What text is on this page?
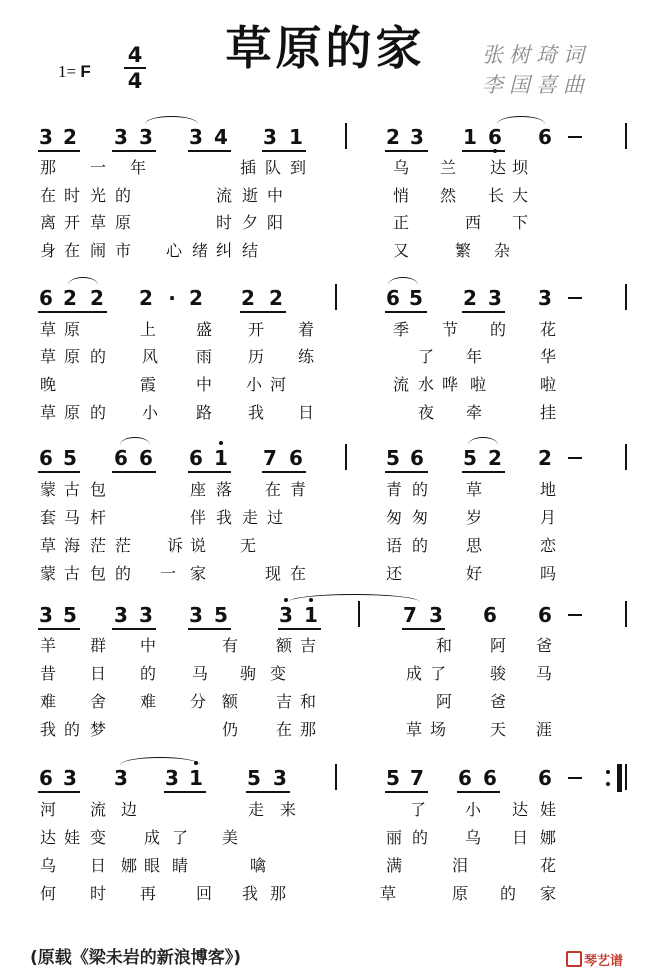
草原的家
1= F
4
4
张树琦词
李国喜曲
3 2 3 3 3 4 3 1	2 3 1 6 6
那 一 年	插 队 到	乌 兰 达 坝
在 时 光 的	流 逝 中	悄 然 长 大
离 开 草 原	时 夕 阳	正	西 下
身 在 闹 市 心 绪 纠 结	又	繁 杂
6 2 2 2 · 2 2 2	6 5 2 3 3
草 原	上 盛 开 着	季 节 的 花
草 原 的 风 雨 历 练	了 年	华
晚	霞 中 小 河	流 水 哗 啦	啦
草 原 的 小 路 我 日	夜 牵	挂
6 5 6 6 6 1 7 6	5 6 5 2 2
蒙 古 包	座 落 在 青	青 的 草	地
套 马 杆	伴 我 走 过	匆 匆 岁	月
草 海 茫 茫 诉 说 无	语 的 思	恋
蒙 古 包 的 一 家	现 在	还	好	吗
3 5 3 3 3 5	3 1	7 3 6 6
羊 群 中	有 额 吉	和 阿 爸
昔 日 的 马 驹 变	成 了	骏 马
难 舍 难 分 额 吉 和	阿 爸
我 的 梦	仍 在 那	草 场	天 涯
6 3 3 3 1 5 3	5 7 6 6 6
河 流 边	走 来	了 小 达 娃
达 娃 变 成 了 美	丽 的 乌 日 娜
乌 日 娜 眼 睛	噙	满	泪	花
何 时 再 回 我 那	草	原 的 家
(原载《梁未岩的新浪博客》)	琴艺谱
